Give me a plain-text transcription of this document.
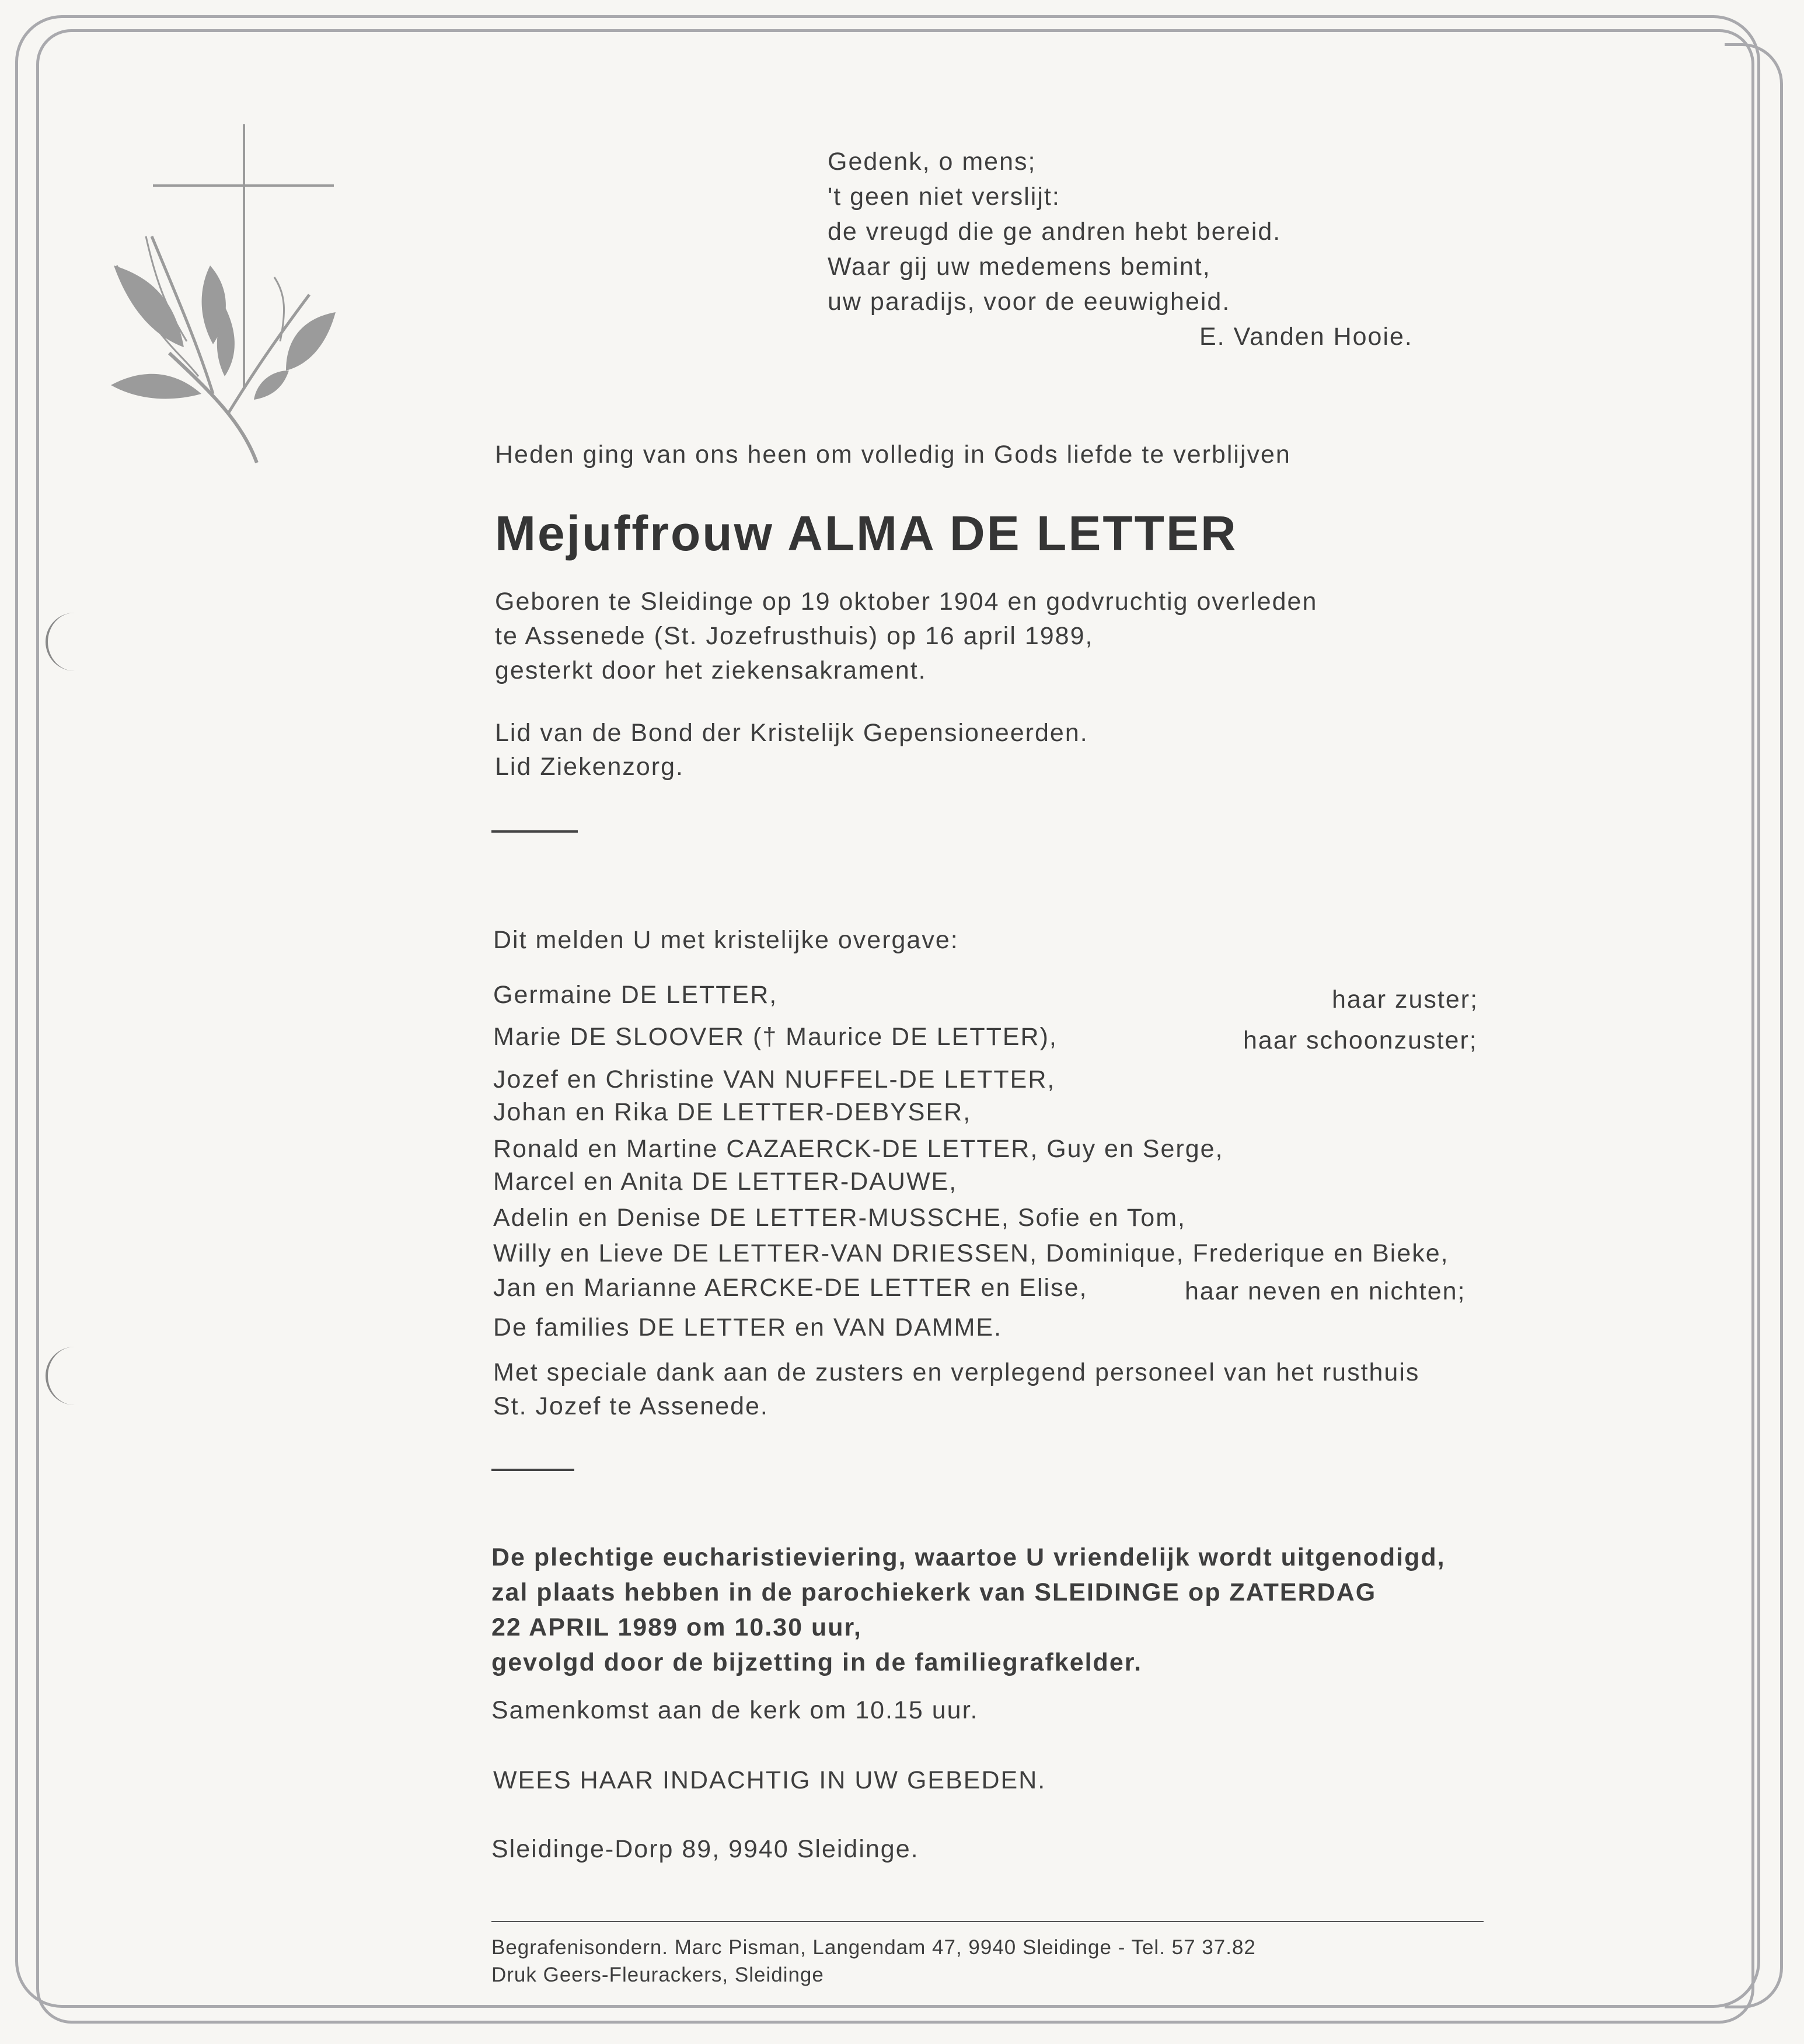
Gedenk, o mens;
't geen niet verslijt:
de vreugd die ge andren hebt bereid.
Waar gij uw medemens bemint,
uw paradijs, voor de eeuwigheid.
E. Vanden Hooie.
Heden ging van ons heen om volledig in Gods liefde te verblijven
Mejuffrouw ALMA DE LETTER
Geboren te Sleidinge op 19 oktober 1904 en godvruchtig overleden
te Assenede (St. Jozefrusthuis) op 16 april 1989,
gesterkt door het ziekensakrament.
Lid van de Bond der Kristelijk Gepensioneerden.
Lid Ziekenzorg.
Dit melden U met kristelijke overgave:
Germaine DE LETTER,	haar zuster;
Marie DE SLOOVER († Maurice DE LETTER),	haar schoonzuster;
Jozef en Christine VAN NUFFEL-DE LETTER,
Johan en Rika DE LETTER-DEBYSER,
Ronald en Martine CAZAERCK-DE LETTER, Guy en Serge,
Marcel en Anita DE LETTER-DAUWE,
Adelin en Denise DE LETTER-MUSSCHE, Sofie en Tom,
Willy en Lieve DE LETTER-VAN DRIESSEN, Dominique, Frederique en Bieke,
Jan en Marianne AERCKE-DE LETTER en Elise,	haar neven en nichten;
De families DE LETTER en VAN DAMME.
Met speciale dank aan de zusters en verplegend personeel van het rusthuis
St. Jozef te Assenede.
De plechtige eucharistieviering, waartoe U vriendelijk wordt uitgenodigd,
zal plaats hebben in de parochiekerk van SLEIDINGE op ZATERDAG
22 APRIL 1989 om 10.30 uur,
gevolgd door de bijzetting in de familiegrafkelder.
Samenkomst aan de kerk om 10.15 uur.
WEES HAAR INDACHTIG IN UW GEBEDEN.
Sleidinge-Dorp 89, 9940 Sleidinge.
Begrafenisondern. Marc Pisman, Langendam 47, 9940 Sleidinge - Tel. 57 37.82
Druk Geers-Fleurackers, Sleidinge
